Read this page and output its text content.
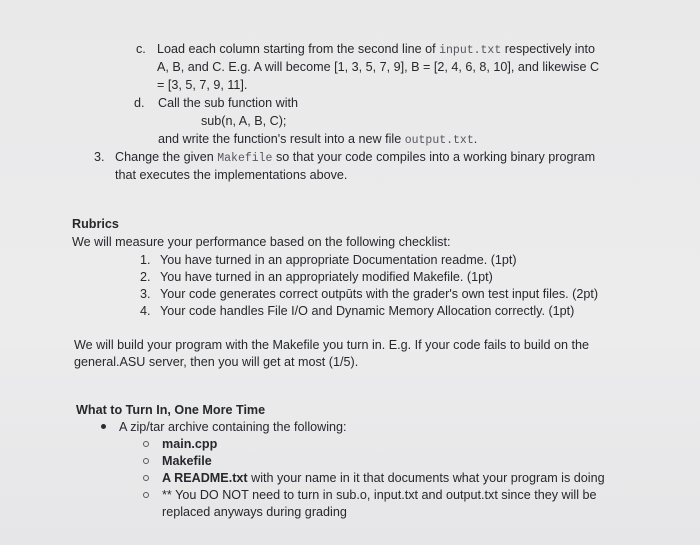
c. Load each column starting from the second line of input.txt respectively into
A, B, and C. E.g. A will become [1, 3, 5, 7, 9], B = [2, 4, 6, 8, 10], and likewise C
= [3, 5, 7, 9, 11].
d. Call the sub function with
sub(n, A, B, C);
and write the function's result into a new file output.txt.
3. Change the given Makefile so that your code compiles into a working binary program
that executes the implementations above.
Rubrics
We will measure your performance based on the following checklist:
1. You have turned in an appropriate Documentation readme. (1pt)
2. You have turned in an appropriately modified Makefile. (1pt)
3. Your code generates correct outpūts with the grader's own test input files. (2pt)
4. Your code handles File I/O and Dynamic Memory Allocation correctly. (1pt)
We will build your program with the Makefile you turn in. E.g. If your code fails to build on the
general.ASU server, then you will get at most (1/5).
What to Turn In, One More Time
A zip/tar archive containing the following:
main.cpp
Makefile
A README.txt with your name in it that documents what your program is doing
** You DO NOT need to turn in sub.o, input.txt and output.txt since they will be
replaced anyways during grading
